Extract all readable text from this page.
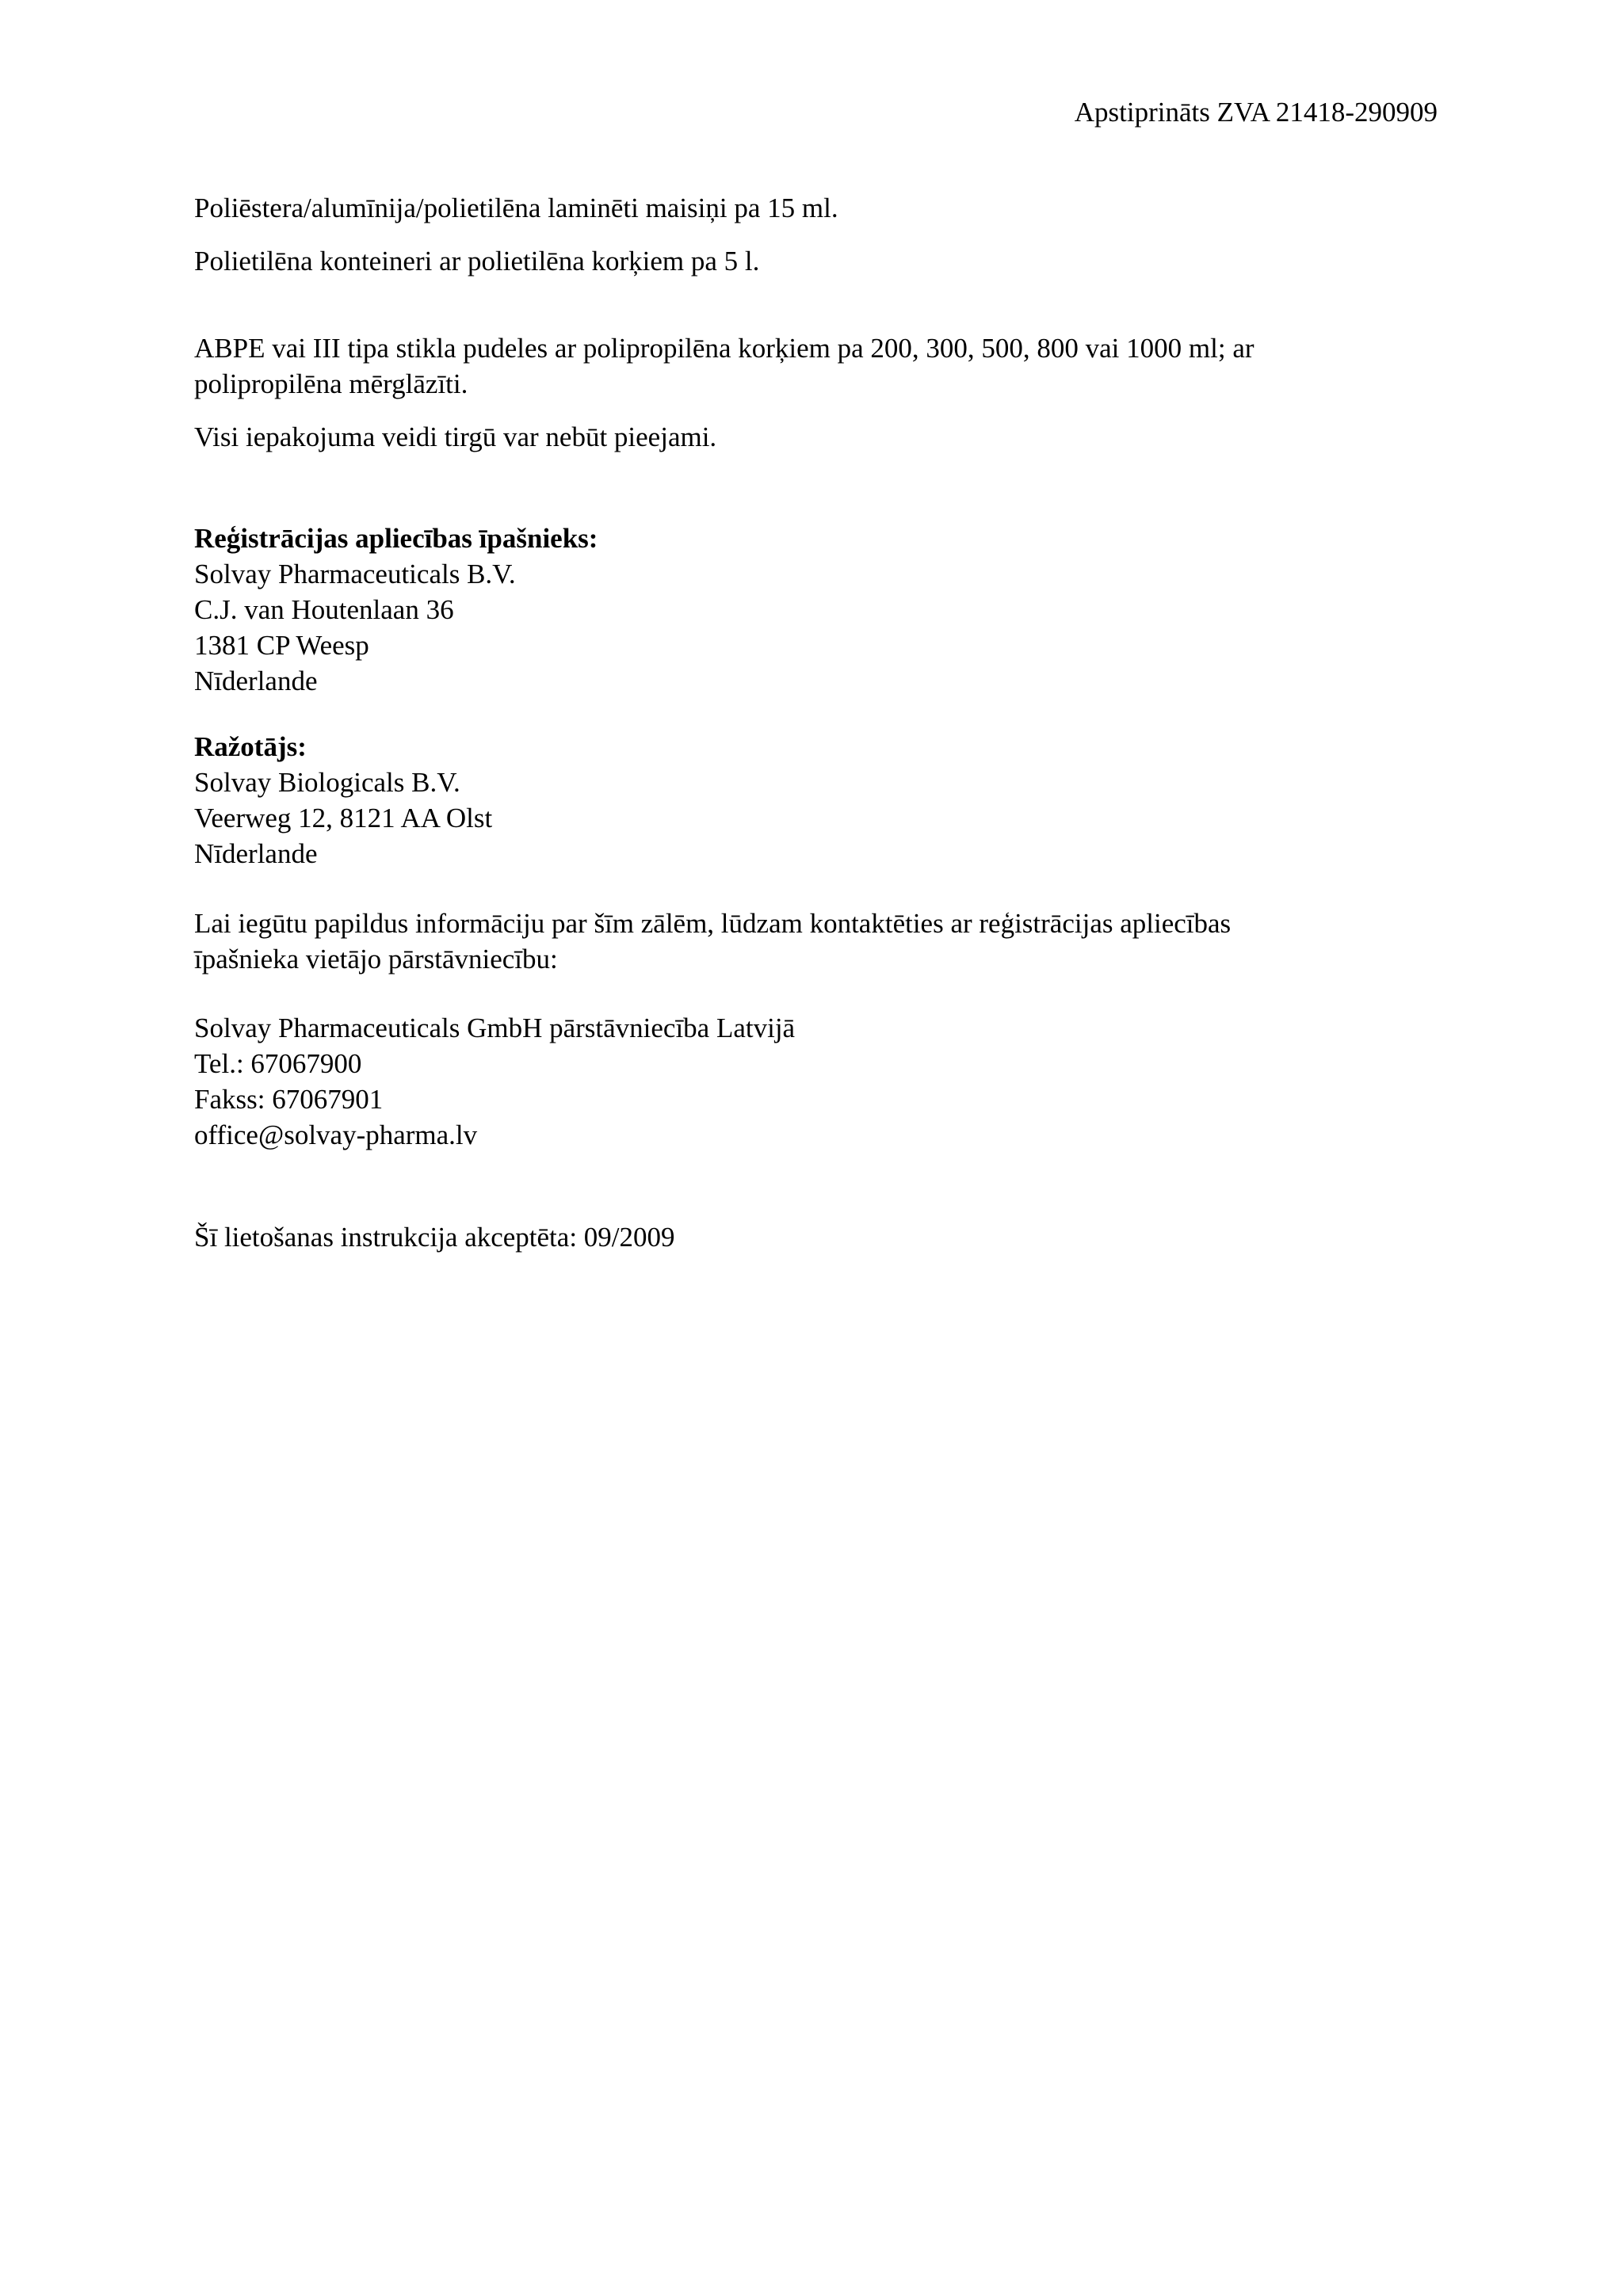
Apstiprināts ZVA 21418-290909
Poliēstera/alumīnija/polietilēna laminēti maisiņi pa 15 ml.
Polietilēna konteineri ar polietilēna korķiem pa 5 l.
ABPE vai III tipa stikla pudeles ar polipropilēna korķiem pa 200, 300, 500, 800 vai 1000 ml; ar
polipropilēna mērglāzīti.
Visi iepakojuma veidi tirgū var nebūt pieejami.
Reģistrācijas apliecības īpašnieks:
Solvay Pharmaceuticals B.V.
C.J. van Houtenlaan 36
1381 CP Weesp
Nīderlande
Ražotājs:
Solvay Biologicals B.V.
Veerweg 12, 8121 AA Olst
Nīderlande
Lai iegūtu papildus informāciju par šīm zālēm, lūdzam kontaktēties ar reģistrācijas apliecības
īpašnieka vietājo pārstāvniecību:
Solvay Pharmaceuticals GmbH pārstāvniecība Latvijā
Tel.: 67067900
Fakss: 67067901
office@solvay-pharma.lv
Šī lietošanas instrukcija akceptēta: 09/2009
